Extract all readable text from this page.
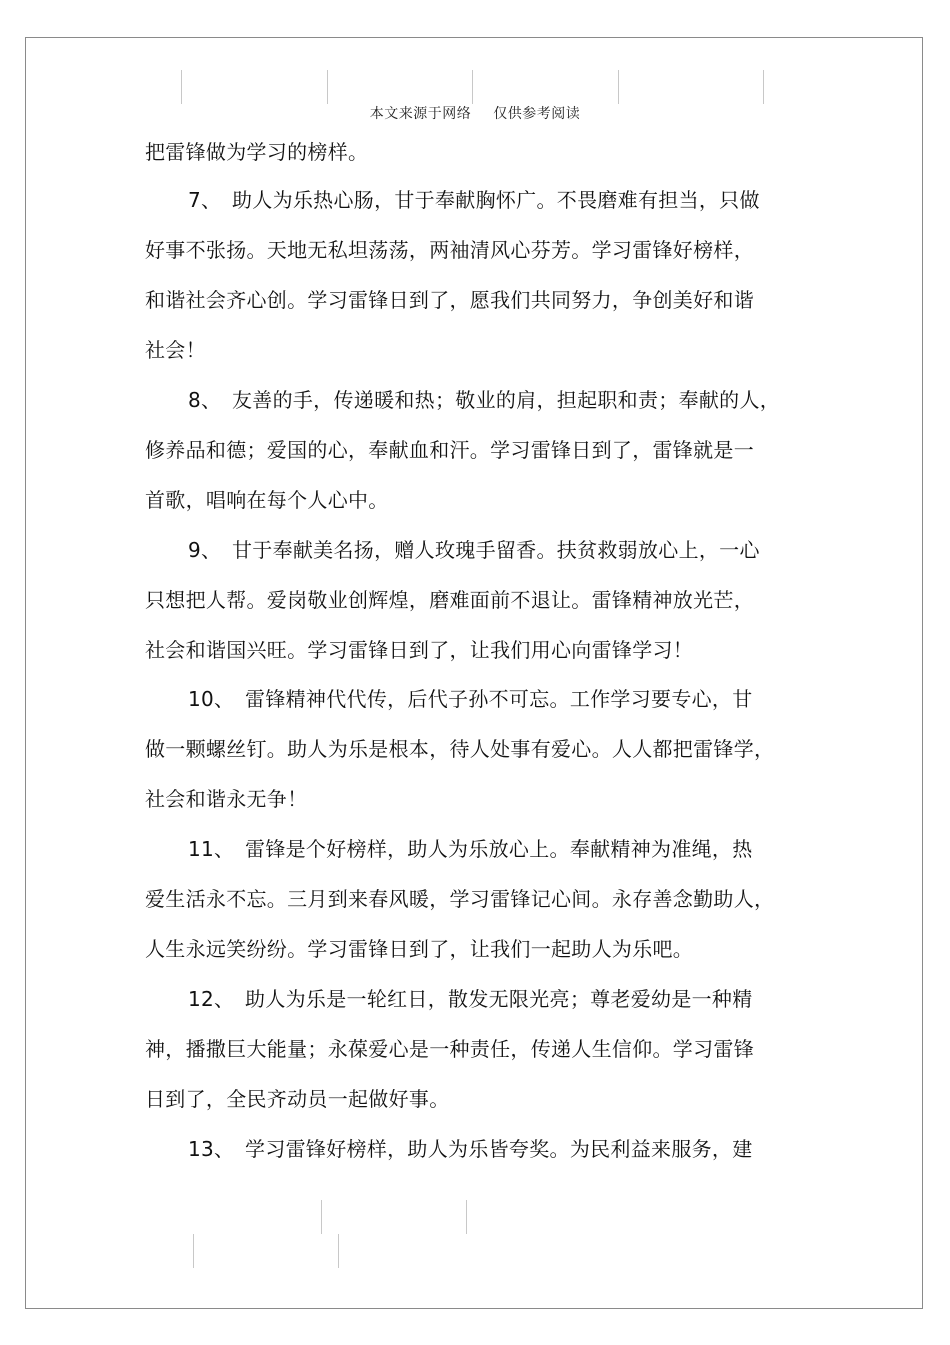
本文来源于网络 仅供参考阅读
把雷锋做为学习的榜样。
7、 助人为乐热心肠，甘于奉献胸怀广。不畏磨难有担当，只做
好事不张扬。天地无私坦荡荡，两袖清风心芬芳。学习雷锋好榜样，
和谐社会齐心创。学习雷锋日到了，愿我们共同努力，争创美好和谐
社会！
8、 友善的手，传递暖和热；敬业的肩，担起职和责；奉献的人，
修养品和德；爱国的心，奉献血和汗。学习雷锋日到了，雷锋就是一
首歌，唱响在每个人心中。
9、 甘于奉献美名扬，赠人玫瑰手留香。扶贫救弱放心上，一心
只想把人帮。爱岗敬业创辉煌，磨难面前不退让。雷锋精神放光芒，
社会和谐国兴旺。学习雷锋日到了，让我们用心向雷锋学习！
10、 雷锋精神代代传，后代子孙不可忘。工作学习要专心，甘
做一颗螺丝钉。助人为乐是根本，待人处事有爱心。人人都把雷锋学，
社会和谐永无争！
11、 雷锋是个好榜样，助人为乐放心上。奉献精神为准绳，热
爱生活永不忘。三月到来春风暖，学习雷锋记心间。永存善念勤助人，
人生永远笑纷纷。学习雷锋日到了，让我们一起助人为乐吧。
12、 助人为乐是一轮红日，散发无限光亮；尊老爱幼是一种精
神，播撒巨大能量；永葆爱心是一种责任，传递人生信仰。学习雷锋
日到了，全民齐动员一起做好事。
13、 学习雷锋好榜样，助人为乐皆夸奖。为民利益来服务，建
